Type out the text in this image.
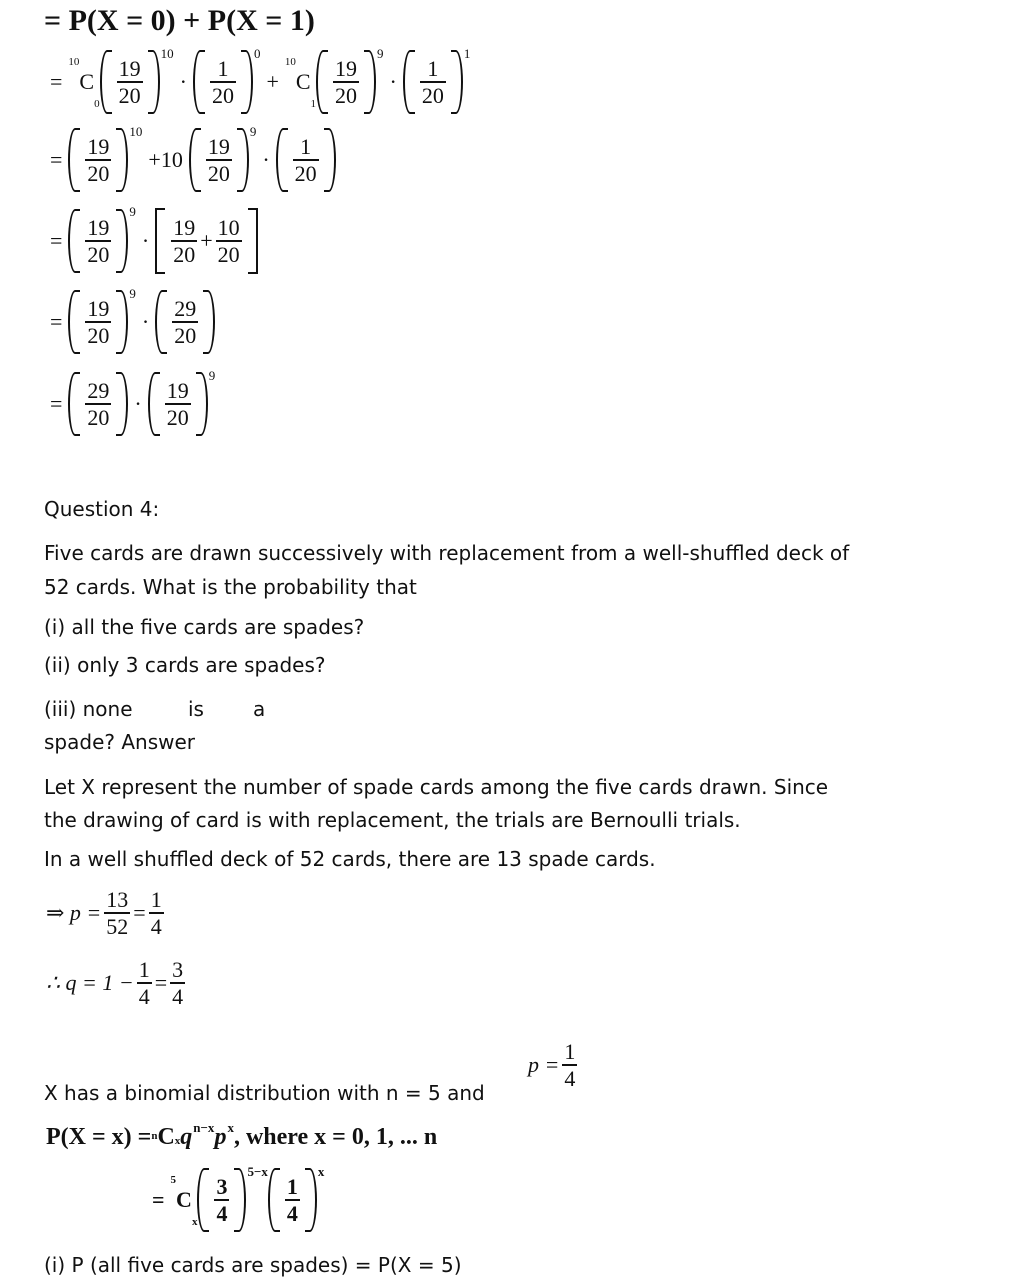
= P(X = 0) + P(X = 1)
=
10
C
$0 \frac{19}{20}$
10
· $\frac{1}{20}$
0
+
10
C
$1 \frac{19}{20}$
9
· $\frac{1}{20}$
1
= $\frac{19}{20}$
10
$+10 \frac{19}{20}$
9
· $\frac{1}{20}$
= $\frac{19}{20}$
9
· $\frac{19}{20} + \frac{10}{20}$
= $\frac{19}{20}$
9
· $\frac{29}{20}$
= $\frac{29}{20} \cdot \frac{19}{20}$
9
Question 4:
Five cards are drawn successively with replacement from a well-shuffled deck of
52 cards. What is the probability that
(i) all the five cards are spades?
(ii) only 3 cards are spades?
(iii) none	is a
spade? Answer
Let X represent the number of spade cards among the five cards drawn. Since
the drawing of card is with replacement, the trials are Bernoulli trials.
In a well shuffled deck of 52 cards, there are 13 spade cards.
⇒ $p = \frac{13}{52} = \frac{1}{4}$
∴ $q = 1 - \frac{1}{4} = \frac{3}{4}$
X has a binomial distribution with n = 5 and
$p = \frac{1}{4}$
P(X = x) = n C x q n−x p x , where x = 0, 1, ... n
=
5
C
x $\frac{3}{4}$
5−x
$\frac{1}{4}$
x
(i) P (all five cards are spades) = P(X = 5)
